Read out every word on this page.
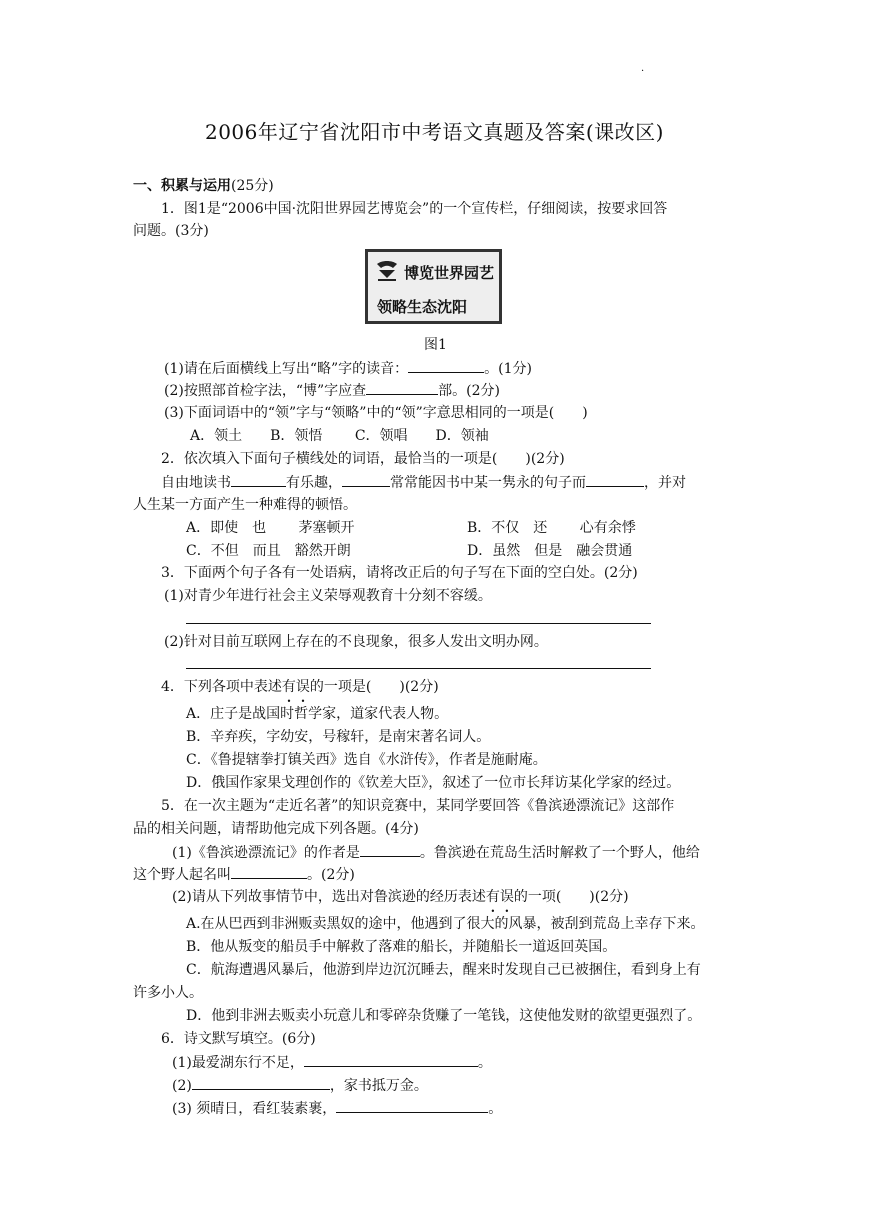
·
2006年辽宁省沈阳市中考语文真题及答案(课改区)
一、积累与运用(25分)
1．图1是“2006中国·沈阳世界园艺博览会”的一个宣传栏，仔细阅读，按要求回答
问题。(3分)
博览世界园艺
领略生态沈阳
图1
(1)请在后面横线上写出“略”字的读音：	。(1分)
(2)按照部首检字法，“博”字应查	部。(2分)
(3)下面词语中的“领”字与“领略”中的“领”字意思相同的一项是(　　)
A．领土　　B．领悟　　 C．领唱　　D．领袖
2．依次填入下面句子横线处的词语，最恰当的一项是(　　)(2分)
自由地读书	有乐趣，	常常能因书中某一隽永的句子而	，并对
人生某一方面产生一种难得的顿悟。
A．即使　也　　 茅塞顿开	B．不仅　还　　 心有余悸
C．不但　而且　豁然开朗	D．虽然　但是　融会贯通
3．下面两个句子各有一处语病，请将改正后的句子写在下面的空白处。(2分)
(1)对青少年进行社会主义荣辱观教育十分刻不容缓。
(2)针对目前互联网上存在的不良现象，很多人发出文明办网。
4．下列各项中表述有误的一项是(　　)(2分)
A．庄子是战国时哲学家，道家代表人物。
B．辛弃疾，字幼安，号稼轩，是南宋著名词人。
C．《鲁提辖拳打镇关西》选自《水浒传》，作者是施耐庵。
D．俄国作家果戈理创作的《钦差大臣》，叙述了一位市长拜访某化学家的经过。
5．在一次主题为“走近名著”的知识竞赛中，某同学要回答《鲁滨逊漂流记》这部作
品的相关问题，请帮助他完成下列各题。(4分)
(1)《鲁滨逊漂流记》的作者是	。鲁滨逊在荒岛生活时解救了一个野人，他给
这个野人起名叫	。(2分)
(2)请从下列故事情节中，选出对鲁滨逊的经历表述有误的一项(　　)(2分)
A.在从巴西到非洲贩卖黑奴的途中，他遇到了很大的风暴，被刮到荒岛上幸存下来。
B．他从叛变的船员手中解救了落难的船长，并随船长一道返回英国。
C．航海遭遇风暴后，他游到岸边沉沉睡去，醒来时发现自己已被捆住，看到身上有
许多小人。
D．他到非洲去贩卖小玩意儿和零碎杂货赚了一笔钱，这使他发财的欲望更强烈了。
6．诗文默写填空。(6分)
(1)最爱湖东行不足，	。
(2)	，家书抵万金。
(3) 须晴日，看红装素裹，	。
